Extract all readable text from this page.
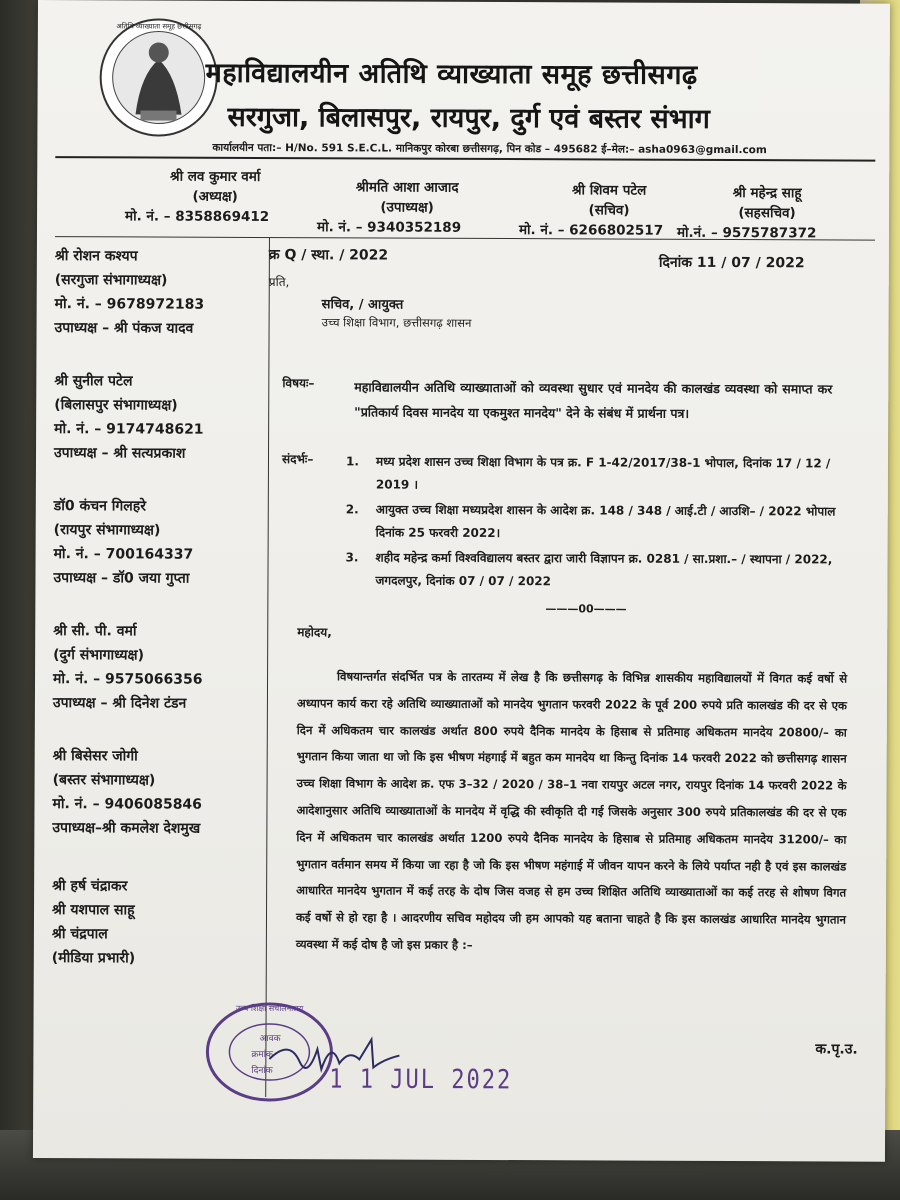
अतिथि व्याख्याता समूह छत्तीसगढ़
महाविद्यालयीन अतिथि व्याख्याता समूह छत्तीसगढ़
सरगुजा, बिलासपुर, रायपुर, दुर्ग एवं बस्तर संभाग
कार्यालयीन पता:– H/No. 591 S.E.C.L. मानिकपुर कोरबा छत्तीसगढ़, पिन कोड – 495682 ई–मेल:– asha0963@gmail.com
श्री लव कुमार वर्मा
(अध्यक्ष)
मो. नं. – 8358869412
श्रीमति आशा आजाद
(उपाध्यक्ष)
मो. नं. – 9340352189
श्री शिवम पटेल
(सचिव)
मो. नं. – 6266802517
श्री महेन्द्र साहू
(सहसचिव)
मो.नं. – 9575787372
श्री रोशन कश्यप
(सरगुजा संभागाध्यक्ष)
मो. नं. – 9678972183
उपाध्यक्ष – श्री पंकज यादव
श्री सुनील पटेल
(बिलासपुर संभागाध्यक्ष)
मो. नं. – 9174748621
उपाध्यक्ष – श्री सत्यप्रकाश
डॉ0 कंचन गिलहरे
(रायपुर संभागाध्यक्ष)
मो. नं. – 700164337
उपाध्यक्ष – डॉ0 जया गुप्ता
श्री सी. पी. वर्मा
(दुर्ग संभागाध्यक्ष)
मो. नं. – 9575066356
उपाध्यक्ष – श्री दिनेश टंडन
श्री बिसेसर जोगी
(बस्तर संभागाध्यक्ष)
मो. नं. – 9406085846
उपाध्यक्ष–श्री कमलेश देशमुख
श्री हर्ष चंद्राकर
श्री यशपाल साहू
श्री चंद्रपाल
(मीडिया प्रभारी)
क्र Q / स्था. / 2022	दिनांक 11 / 07 / 2022
प्रति,
सचिव, / आयुक्त
उच्च शिक्षा विभाग, छत्तीसगढ़ शासन
विषयः–	महाविद्यालयीन अतिथि व्याख्याताओं को व्यवस्था सुधार एवं मानदेय की कालखंड व्यवस्था को समाप्त कर "प्रतिकार्य दिवस मानदेय या एकमुश्त मानदेय" देने के संबंध में प्रार्थना पत्र।
संदर्भः–	1. मध्य प्रदेश शासन उच्च शिक्षा विभाग के पत्र क्र. F 1-42/2017/38-1 भोपाल, दिनांक 17 / 12 / 2019 ।
2. आयुक्त उच्च शिक्षा मध्यप्रदेश शासन के आदेश क्र. 148 / 348 / आई.टी / आउशि– / 2022 भोपाल दिनांक 25 फरवरी 2022।
3. शहीद महेन्द्र कर्मा विश्वविद्यालय बस्तर द्वारा जारी विज्ञापन क्र. 0281 / सा.प्रशा.– / स्थापना / 2022, जगदलपुर, दिनांक 07 / 07 / 2022
———00———
महोदय,
विषयान्तर्गत संदर्भित पत्र के तारतम्य में लेख है कि छत्तीसगढ़ के विभिन्न शासकीय महाविद्यालयों में विगत कई वर्षो से अध्यापन कार्य करा रहे अतिथि व्याख्याताओं को मानदेय भुगतान फरवरी 2022 के पूर्व 200 रुपये प्रति कालखंड की दर से एक दिन में अधिकतम चार कालखंड अर्थात 800 रुपये दैनिक मानदेय के हिसाब से प्रतिमाह अधिकतम मानदेय 20800/– का भुगतान किया जाता था जो कि इस भीषण मंहगाई में बहुत कम मानदेय था किन्तु दिनांक 14 फरवरी 2022 को छत्तीसगढ़ शासन उच्च शिक्षा विभाग के आदेश क्र. एफ 3–32 / 2020 / 38–1 नवा रायपुर अटल नगर, रायपुर दिनांक 14 फरवरी 2022 के आदेशानुसार अतिथि व्याख्याताओं के मानदेय में वृद्धि की स्वीकृति दी गई जिसके अनुसार 300 रुपये प्रतिकालखंड की दर से एक दिन में अधिकतम चार कालखंड अर्थात 1200 रुपये दैनिक मानदेय के हिसाब से प्रतिमाह अधिकतम मानदेय 31200/– का भुगतान वर्तमान समय में किया जा रहा है जो कि इस भीषण महंगाई में जीवन यापन करने के लिये पर्याप्त नही है एवं इस कालखंड आधारित मानदेय भुगतान में कई तरह के दोष जिस वजह से हम उच्च शिक्षित अतिथि व्याख्याताओं का कई तरह से शोषण विगत कई वर्षो से हो रहा है । आदरणीय सचिव महोदय जी हम आपको यह बताना चाहते है कि इस कालखंड आधारित मानदेय भुगतान व्यवस्था में कई दोष है जो इस प्रकार है :–
क.पृ.उ.
उच्च शिक्षा संचालनालय
आवक
क्रमांक
दिनांक	1 1 JUL 2022
